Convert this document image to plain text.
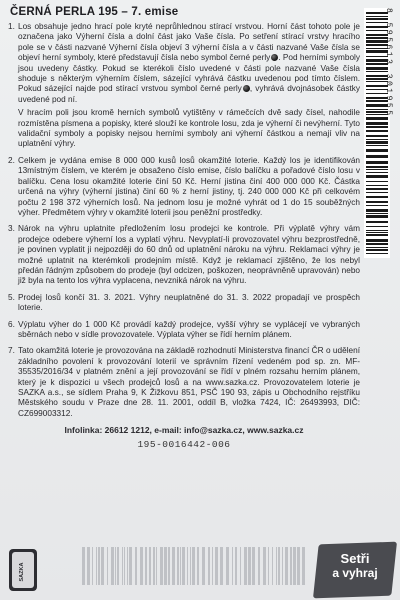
ČERNÁ PERLA 195 – 7. emise
1. Los obsahuje jedno hrací pole kryté neprůhlednou stírací vrstvou. Horní část tohoto pole je označena jako Výherní čísla a dolní část jako Vaše čísla. Po setření stírací vrstvy hracího pole se v části nazvané Výherní čísla objeví 3 výherní čísla a v části nazvané Vaše čísla se objeví herní symboly, které představují čísla nebo symbol černé perly . Pod herními symboly jsou uvedeny částky. Pokud se kterékoli číslo uvedené v části pole nazvané Vaše čísla shoduje s některým výherním číslem, sázející vyhrává částku uvedenou pod tímto číslem. Pokud sázející najde pod stírací vrstvou symbol černé perly , vyhrává dvojnásobek částky uvedené pod ní.

V hracím poli jsou kromě herních symbolů vytištěny v rámečcích dvě sady čísel, nahodile rozmístěna písmena a popisky, které slouží ke kontrole losu, zda je výherní či nevýherní. Tyto validační symboly a popisky nejsou herními symboly ani výherní částkou a nemají vliv na uplatnění výhry.

2. Celkem je vydána emise 8 000 000 kusů losů okamžité loterie. Každý los je identifikován 13místným číslem, ve kterém je obsaženo číslo emise, číslo balíčku a pořadové číslo losu v balíčku. Cena losu okamžité loterie činí 50 Kč. Herní jistina činí 400 000 000 Kč. Částka určená na výhry (výherní jistina) činí 60 % z herní jistiny, tj. 240 000 000 Kč při celkovém počtu 2 198 372 výherních losů. Na jednom losu je možné vyhrát od 1 do 15 souběžných výher. Předmětem výhry v okamžité loterii jsou peněžní prostředky.

3. Nárok na výhru uplatnite předložením losu prodejci ke kontrole. Při výplatě výhry vám prodejce odebere výherní los a vyplatí výhru. Nevyplatí-li provozovatel výhru bezprostředně, je povinen vyplatit ji nejpozději do 60 dnů od uplatnění nároku na výhru. Reklamaci výhry je možné uplatnit na kterémkoli prodejním místě. Když je reklamací zjištěno, že los nebyl předán řádným způsobem do prodeje (byl odcizen, poškozen, neoprávněně upravován) nebo již byla na tento los výhra vyplacena, nevzniká nárok na výhru.

5. Prodej losů končí 31. 3. 2021. Výhry neuplatněné do 31. 3. 2022 propadají ve prospěch loterie.

6. Výplatu výher do 1 000 Kč provádí každý prodejce, vyšší výhry se vyplácejí ve vybraných sběrnách nebo v sídle provozovatele. Výplata výher se řídí herním plánem.

7. Tato okamžitá loterie je provozována na základě rozhodnutí Ministerstva financí ČR o udělení základního povolení k provozování loterií ve správním řízení vedeném pod sp. zn. MF-35535/2016/34 v platném znění a její provozování se řídí v plném rozsahu herním plánem, který je k dispozici u všech prodejců losů a na www.sazka.cz. Provozovatelem loterie je SAZKA a.s., se sídlem Praha 9, K Žižkovu 851, PSČ 190 93, zápis u Obchodního rejstříku Městského soudu v Praze dne 28. 11. 2001, oddíl B, vložka 7424, IČ: 26493993, DIČ: CZ699003312.

Infolinka: 26612 1212, e-mail: info@sazka.cz, www.sazka.cz
195-0016442-006
8 595613 301955
SAZKA
Setři
a vyhraj
